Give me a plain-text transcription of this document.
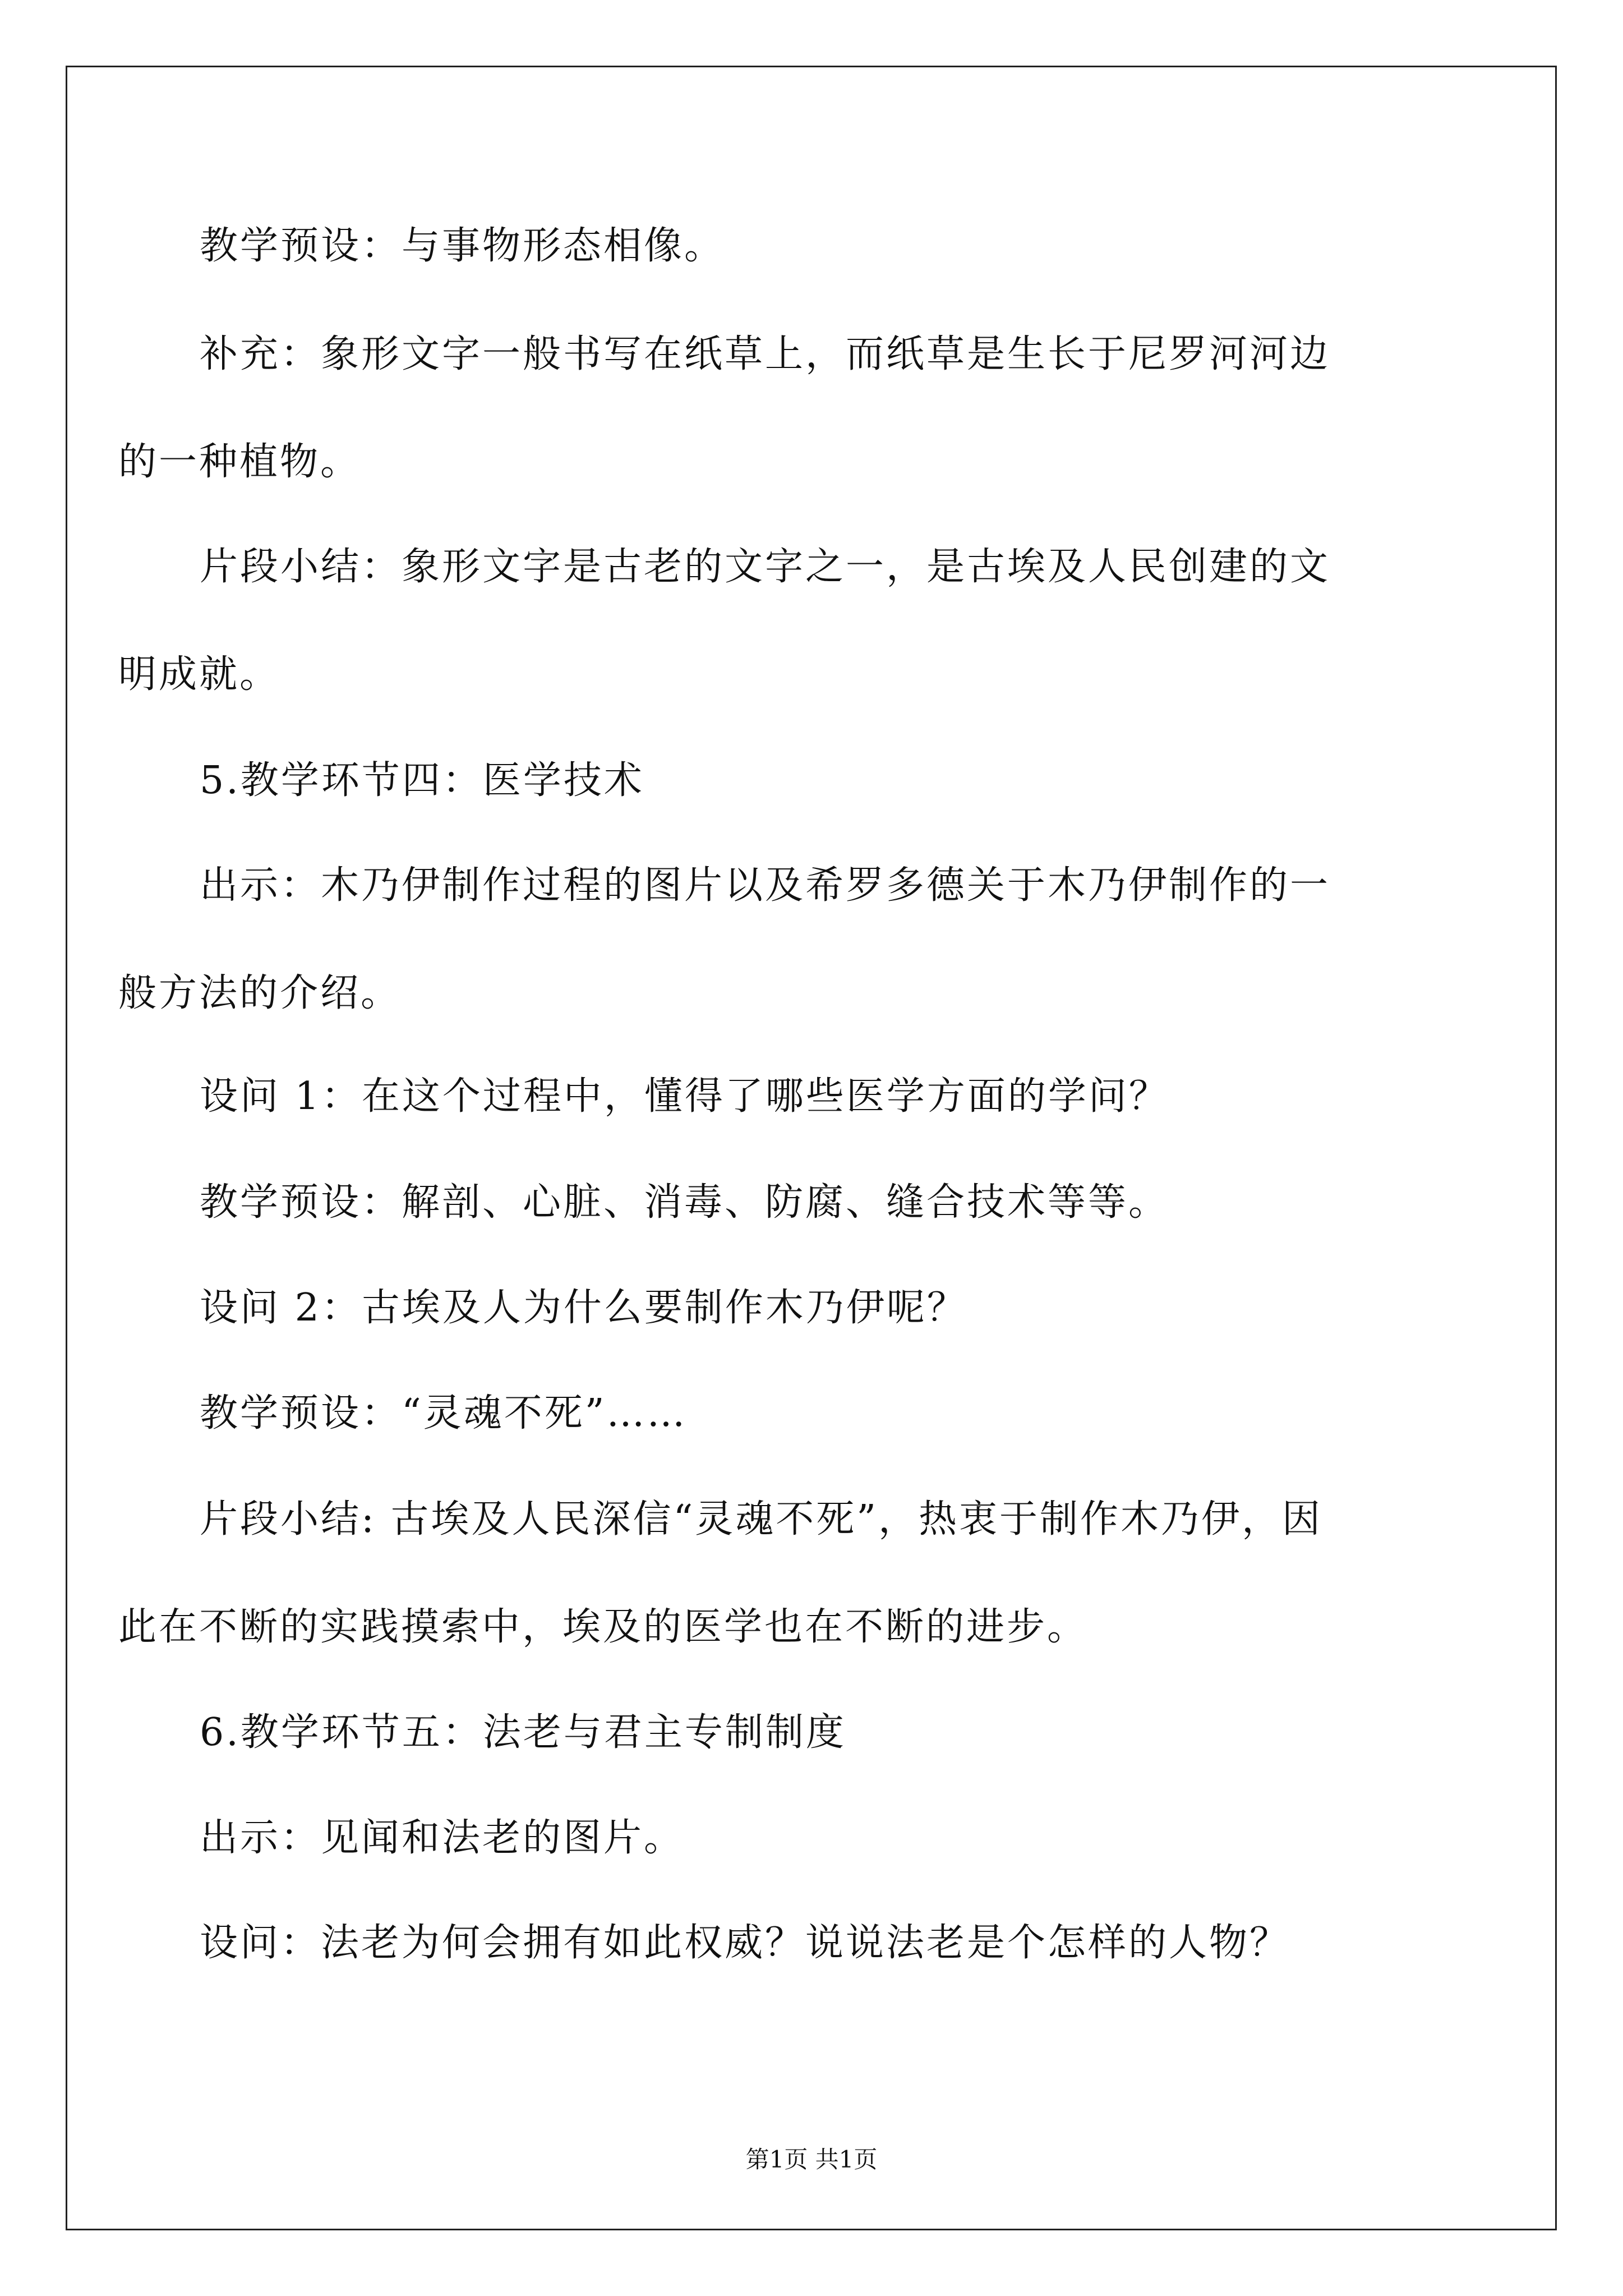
教学预设：与事物形态相像。
补充：象形文字一般书写在纸草上，而纸草是生长于尼罗河河边
的一种植物。
片段小结：象形文字是古老的文字之一，是古埃及人民创建的文
明成就。
5.教学环节四：医学技术
出示：木乃伊制作过程的图片以及希罗多德关于木乃伊制作的一
般方法的介绍。
设问 1：在这个过程中，懂得了哪些医学方面的学问？
教学预设：解剖、心脏、消毒、防腐、缝合技术等等。
设问 2：古埃及人为什么要制作木乃伊呢？
教学预设：“灵魂不死”……
片段小结: 古埃及人民深信“灵魂不死”，热衷于制作木乃伊，因
此在不断的实践摸索中，埃及的医学也在不断的进步。
6.教学环节五：法老与君主专制制度
出示：见闻和法老的图片。
设问：法老为何会拥有如此权威？说说法老是个怎样的人物？
第1页 共1页
